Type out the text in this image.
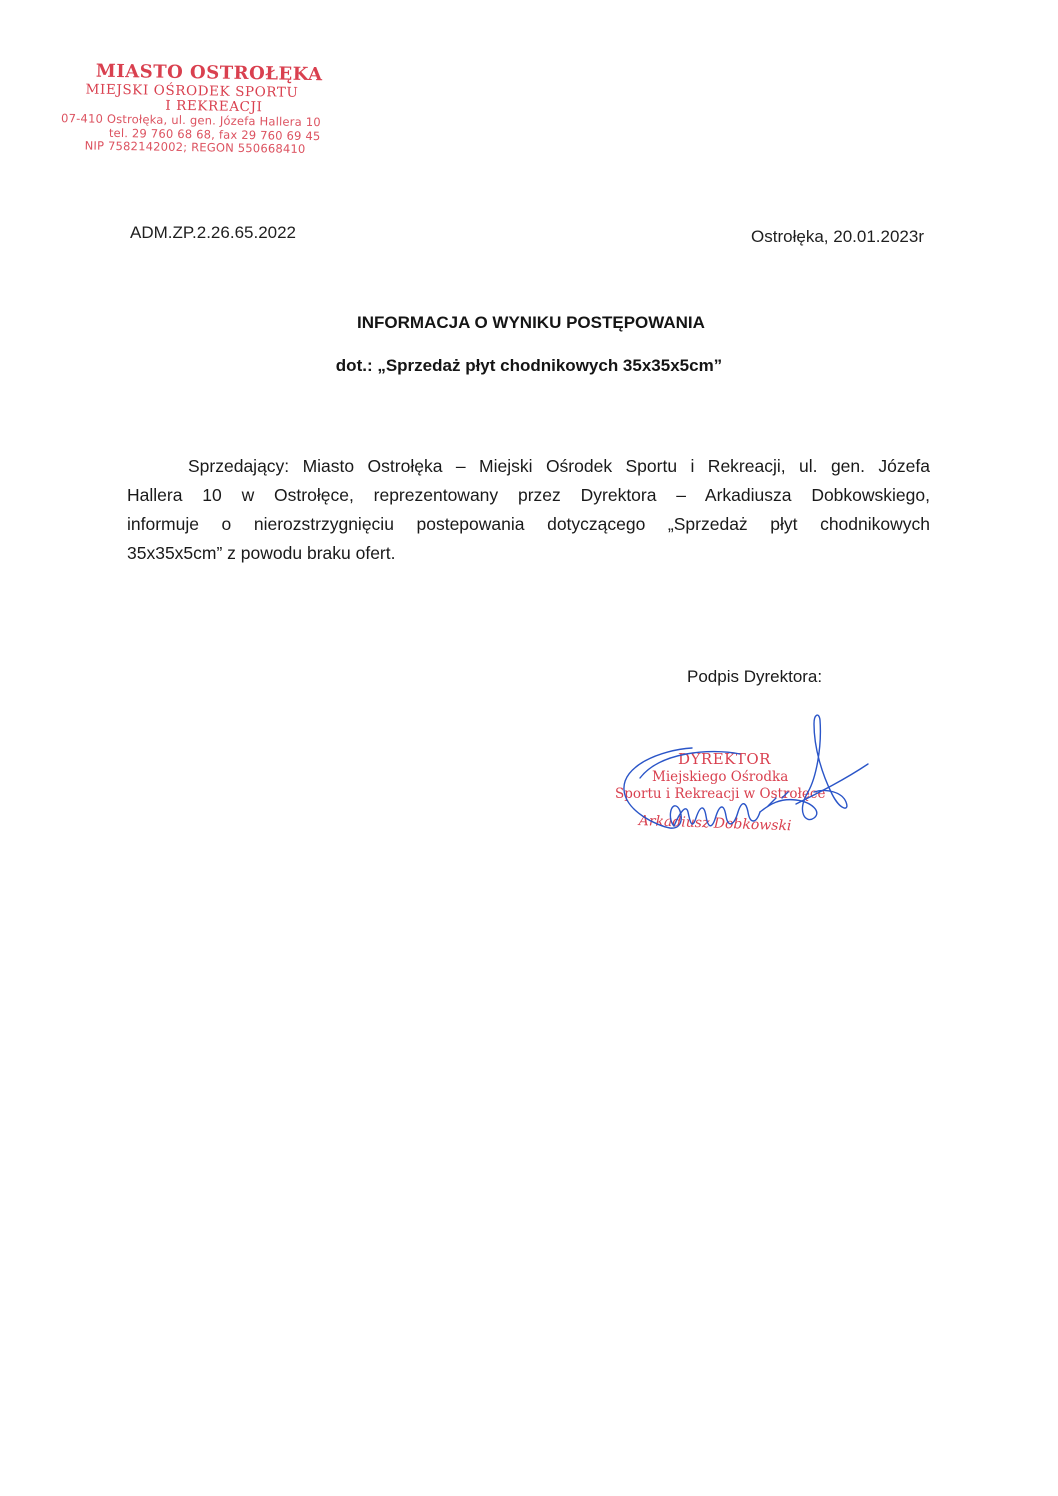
MIASTO OSTROŁĘKA
MIEJSKI OŚRODEK SPORTU
I REKREACJI
07-410 Ostrołęka, ul. gen. Józefa Hallera 10
tel. 29 760 68 68, fax 29 760 69 45
NIP 7582142002; REGON 550668410
ADM.ZP.2.26.65.2022	Ostrołęka, 20.01.2023r
INFORMACJA O WYNIKU POSTĘPOWANIA
dot.: „Sprzedaż płyt chodnikowych 35x35x5cm”
Sprzedający: Miasto Ostrołęka – Miejski Ośrodek Sportu i Rekreacji, ul. gen. Józefa
Hallera 10 w Ostrołęce, reprezentowany przez Dyrektora – Arkadiusza Dobkowskiego,
informuje o nierozstrzygnięciu postepowania dotyczącego „Sprzedaż płyt chodnikowych
35x35x5cm” z powodu braku ofert.
Podpis Dyrektora:
DYREKTOR
Miejskiego Ośrodka
Sportu i Rekreacji w Ostrołęce
Arkadiusz Dobkowski
